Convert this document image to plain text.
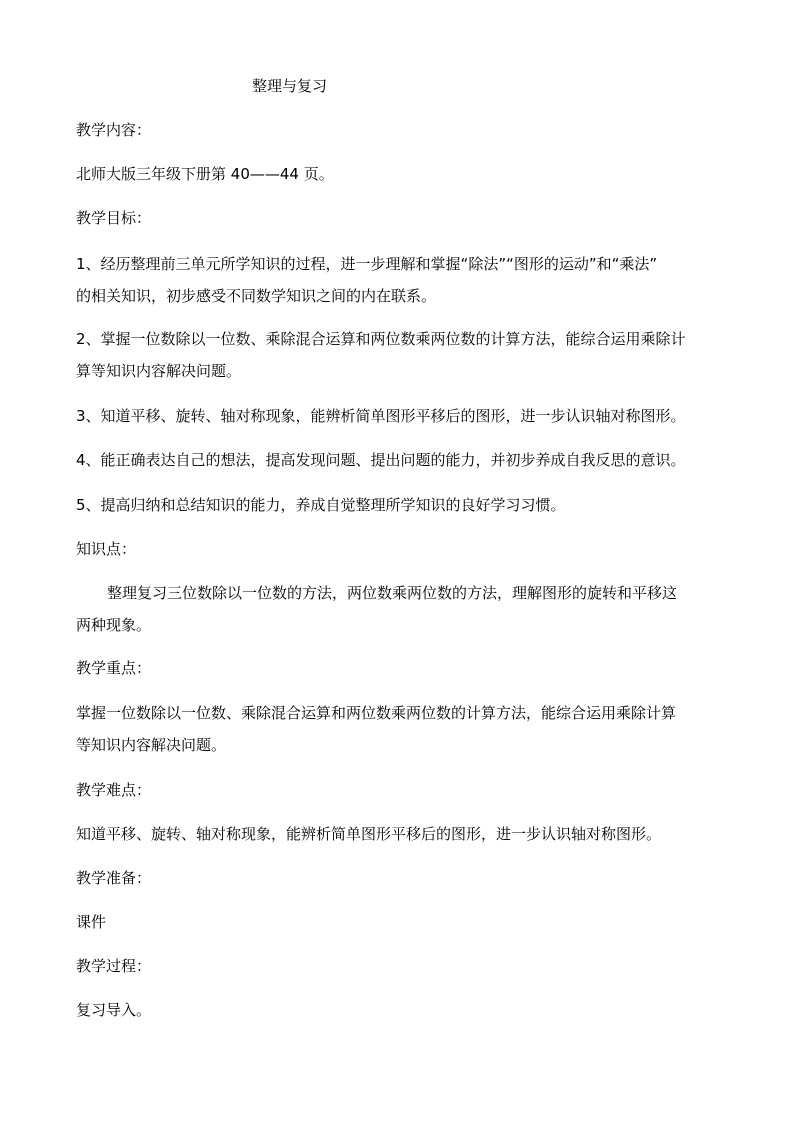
整理与复习
教学内容：
北师大版三年级下册第 40——44 页。
教学目标：
1、经历整理前三单元所学知识的过程，进一步理解和掌握“除法”“图形的运动”和“乘法”
的相关知识，初步感受不同数学知识之间的内在联系。
2、掌握一位数除以一位数、乘除混合运算和两位数乘两位数的计算方法，能综合运用乘除计
算等知识内容解决问题。
3、知道平移、旋转、轴对称现象，能辨析简单图形平移后的图形，进一步认识轴对称图形。
4、能正确表达自己的想法，提高发现问题、提出问题的能力，并初步养成自我反思的意识。
5、提高归纳和总结知识的能力，养成自觉整理所学知识的良好学习习惯。
知识点：
整理复习三位数除以一位数的方法，两位数乘两位数的方法，理解图形的旋转和平移这
两种现象。
教学重点：
掌握一位数除以一位数、乘除混合运算和两位数乘两位数的计算方法，能综合运用乘除计算
等知识内容解决问题。
教学难点：
知道平移、旋转、轴对称现象，能辨析简单图形平移后的图形，进一步认识轴对称图形。
教学准备：
课件
教学过程：
复习导入。
